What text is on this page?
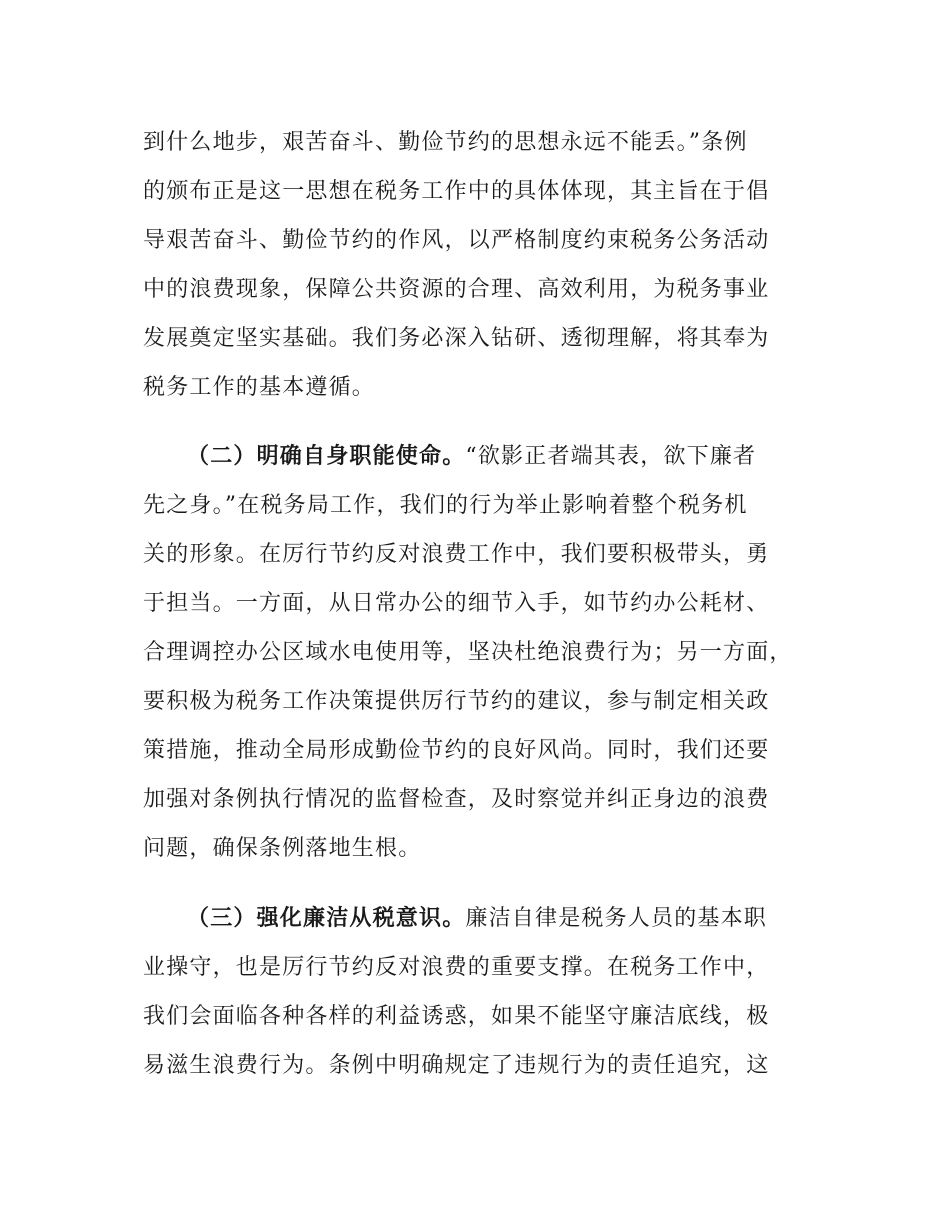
到什么地步，艰苦奋斗、勤俭节约的思想永远不能丢。”条例
的颁布正是这一思想在税务工作中的具体体现，其主旨在于倡
导艰苦奋斗、勤俭节约的作风，以严格制度约束税务公务活动
中的浪费现象，保障公共资源的合理、高效利用，为税务事业
发展奠定坚实基础。我们务必深入钻研、透彻理解，将其奉为
税务工作的基本遵循。
（二）明确自身职能使命。“欲影正者端其表，欲下廉者
先之身。”在税务局工作，我们的行为举止影响着整个税务机
关的形象。在厉行节约反对浪费工作中，我们要积极带头，勇
于担当。一方面，从日常办公的细节入手，如节约办公耗材、
合理调控办公区域水电使用等，坚决杜绝浪费行为；另一方面，
要积极为税务工作决策提供厉行节约的建议，参与制定相关政
策措施，推动全局形成勤俭节约的良好风尚。同时，我们还要
加强对条例执行情况的监督检查，及时察觉并纠正身边的浪费
问题，确保条例落地生根。
（三）强化廉洁从税意识。廉洁自律是税务人员的基本职
业操守，也是厉行节约反对浪费的重要支撑。在税务工作中，
我们会面临各种各样的利益诱惑，如果不能坚守廉洁底线，极
易滋生浪费行为。条例中明确规定了违规行为的责任追究，这
